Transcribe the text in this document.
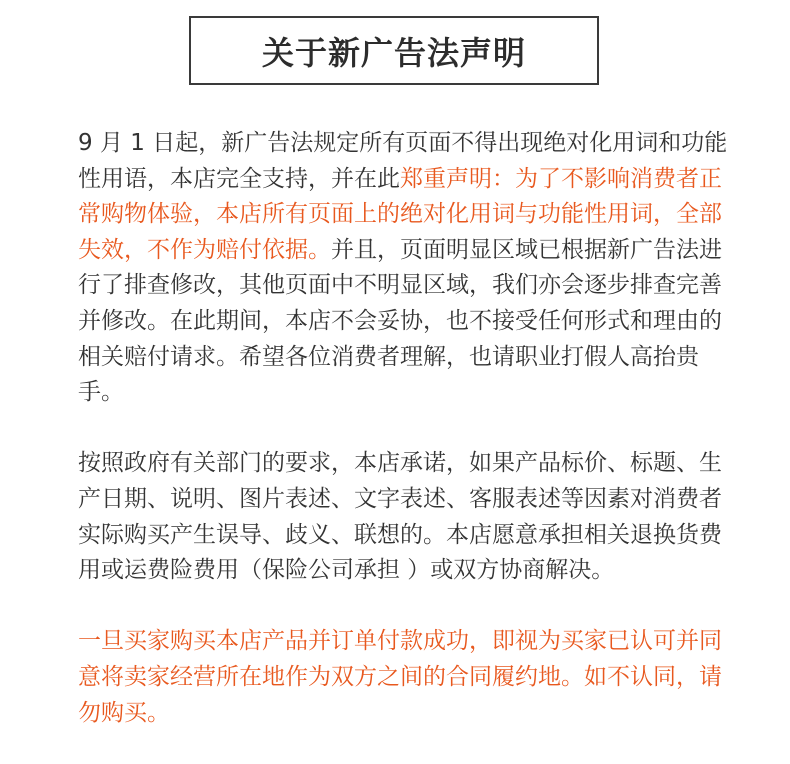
关于新广告法声明

9 月 1 日起，新广告法规定所有页面不得出现绝对化用词和功能性用语，本店完全支持，并在此郑重声明：为了不影响消费者正常购物体验，本店所有页面上的绝对化用词与功能性用词，全部失效，不作为赔付依据。并且，页面明显区域已根据新广告法进行了排查修改，其他页面中不明显区域，我们亦会逐步排查完善并修改。在此期间，本店不会妥协，也不接受任何形式和理由的相关赔付请求。希望各位消费者理解，也请职业打假人高抬贵手。

按照政府有关部门的要求，本店承诺，如果产品标价、标题、生产日期、说明、图片表述、文字表述、客服表述等因素对消费者实际购买产生误导、歧义、联想的。本店愿意承担相关退换货费用或运费险费用（保险公司承担 ）或双方协商解决。

一旦买家购买本店产品并订单付款成功，即视为买家已认可并同意将卖家经营所在地作为双方之间的合同履约地。如不认同，请勿购买。
